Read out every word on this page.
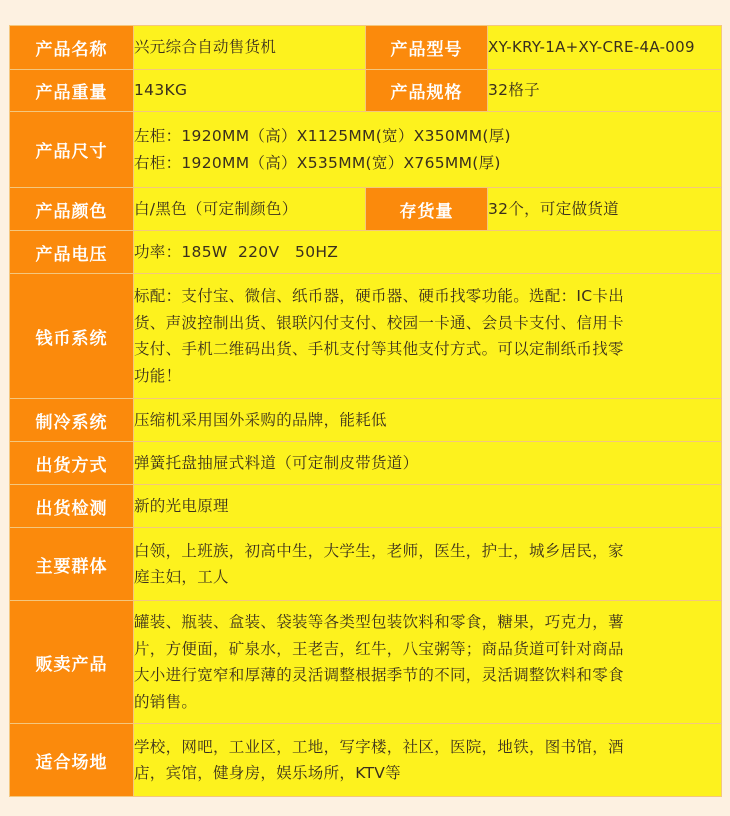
产品名称	兴元综合自动售货机	产品型号	XY-KRY-1A+XY-CRE-4A-009
产品重量	143KG	产品规格	32格子
产品尺寸	左柜：1920MM（高）X1125MM(宽）X350MM(厚)
右柜：1920MM（高）X535MM(宽）X765MM(厚)		

产品颜色	白/黑色（可定制颜色）	存货量	32个，可定做货道
产品电压	功率：185W  220V   50HZ		
钱币系统	标配：支付宝、微信、纸币器，硬币器、硬币找零功能。选配：IC卡出
货、声波控制出货、银联闪付支付、校园一卡通、会员卡支付、信用卡
支付、手机二维码出货、手机支付等其他支付方式。可以定制纸币找零
功能！		

制冷系统	压缩机采用国外采购的品牌，能耗低		
出货方式	弹簧托盘抽屉式料道（可定制皮带货道）		
出货检测	新的光电原理		
主要群体	白领，上班族，初高中生，大学生，老师，医生，护士，城乡居民，家
庭主妇，工人		

贩卖产品	罐装、瓶装、盒装、袋装等各类型包装饮料和零食，糖果，巧克力，薯
片，方便面，矿泉水，王老吉，红牛，八宝粥等；商品货道可针对商品
大小进行宽窄和厚薄的灵活调整根据季节的不同，灵活调整饮料和零食
的销售。		

适合场地	学校，网吧，工业区，工地，写字楼，社区，医院，地铁，图书馆，酒
店，宾馆，健身房，娱乐场所，KTV等		
